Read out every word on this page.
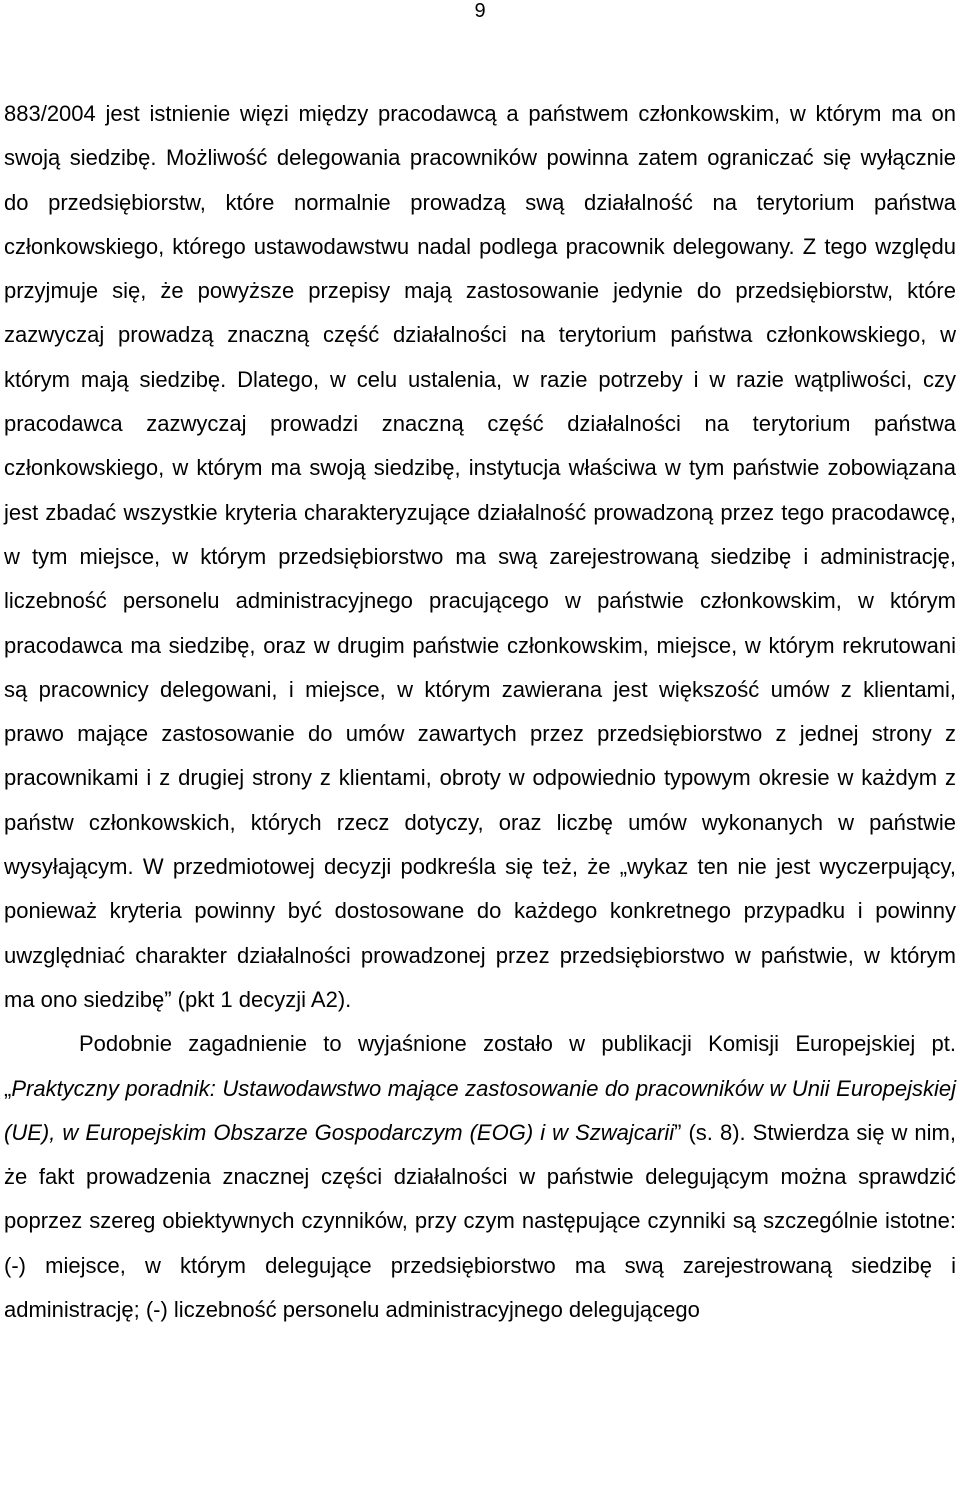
9

883/2004 jest istnienie więzi między pracodawcą a państwem członkowskim, w którym ma on swoją siedzibę. Możliwość delegowania pracowników powinna zatem ograniczać się wyłącznie do przedsiębiorstw, które normalnie prowadzą swą działalność na terytorium państwa członkowskiego, którego ustawodawstwu nadal podlega pracownik delegowany. Z tego względu przyjmuje się, że powyższe przepisy mają zastosowanie jedynie do przedsiębiorstw, które zazwyczaj prowadzą znaczną część działalności na terytorium państwa członkowskiego, w którym mają siedzibę. Dlatego, w celu ustalenia, w razie potrzeby i w razie wątpliwości, czy pracodawca zazwyczaj prowadzi znaczną część działalności na terytorium państwa członkowskiego, w którym ma swoją siedzibę, instytucja właściwa w tym państwie zobowiązana jest zbadać wszystkie kryteria charakteryzujące działalność prowadzoną przez tego pracodawcę, w tym miejsce, w którym przedsiębiorstwo ma swą zarejestrowaną siedzibę i administrację, liczebność personelu administracyjnego pracującego w państwie członkowskim, w którym pracodawca ma siedzibę, oraz w drugim państwie członkowskim, miejsce, w którym rekrutowani są pracownicy delegowani, i miejsce, w którym zawierana jest większość umów z klientami, prawo mające zastosowanie do umów zawartych przez przedsiębiorstwo z jednej strony z pracownikami i z drugiej strony z klientami, obroty w odpowiednio typowym okresie w każdym z państw członkowskich, których rzecz dotyczy, oraz liczbę umów wykonanych w państwie wysyłającym. W przedmiotowej decyzji podkreśla się też, że „wykaz ten nie jest wyczerpujący, ponieważ kryteria powinny być dostosowane do każdego konkretnego przypadku i powinny uwzględniać charakter działalności prowadzonej przez przedsiębiorstwo w państwie, w którym ma ono siedzibę” (pkt 1 decyzji A2).

Podobnie zagadnienie to wyjaśnione zostało w publikacji Komisji Europejskiej pt. „Praktyczny poradnik: Ustawodawstwo mające zastosowanie do pracowników w Unii Europejskiej (UE), w Europejskim Obszarze Gospodarczym (EOG) i w Szwajcarii” (s. 8). Stwierdza się w nim, że fakt prowadzenia znacznej części działalności w państwie delegującym można sprawdzić poprzez szereg obiektywnych czynników, przy czym następujące czynniki są szczególnie istotne: (-) miejsce, w którym delegujące przedsiębiorstwo ma swą zarejestrowaną siedzibę i administrację; (-) liczebność personelu administracyjnego delegującego
